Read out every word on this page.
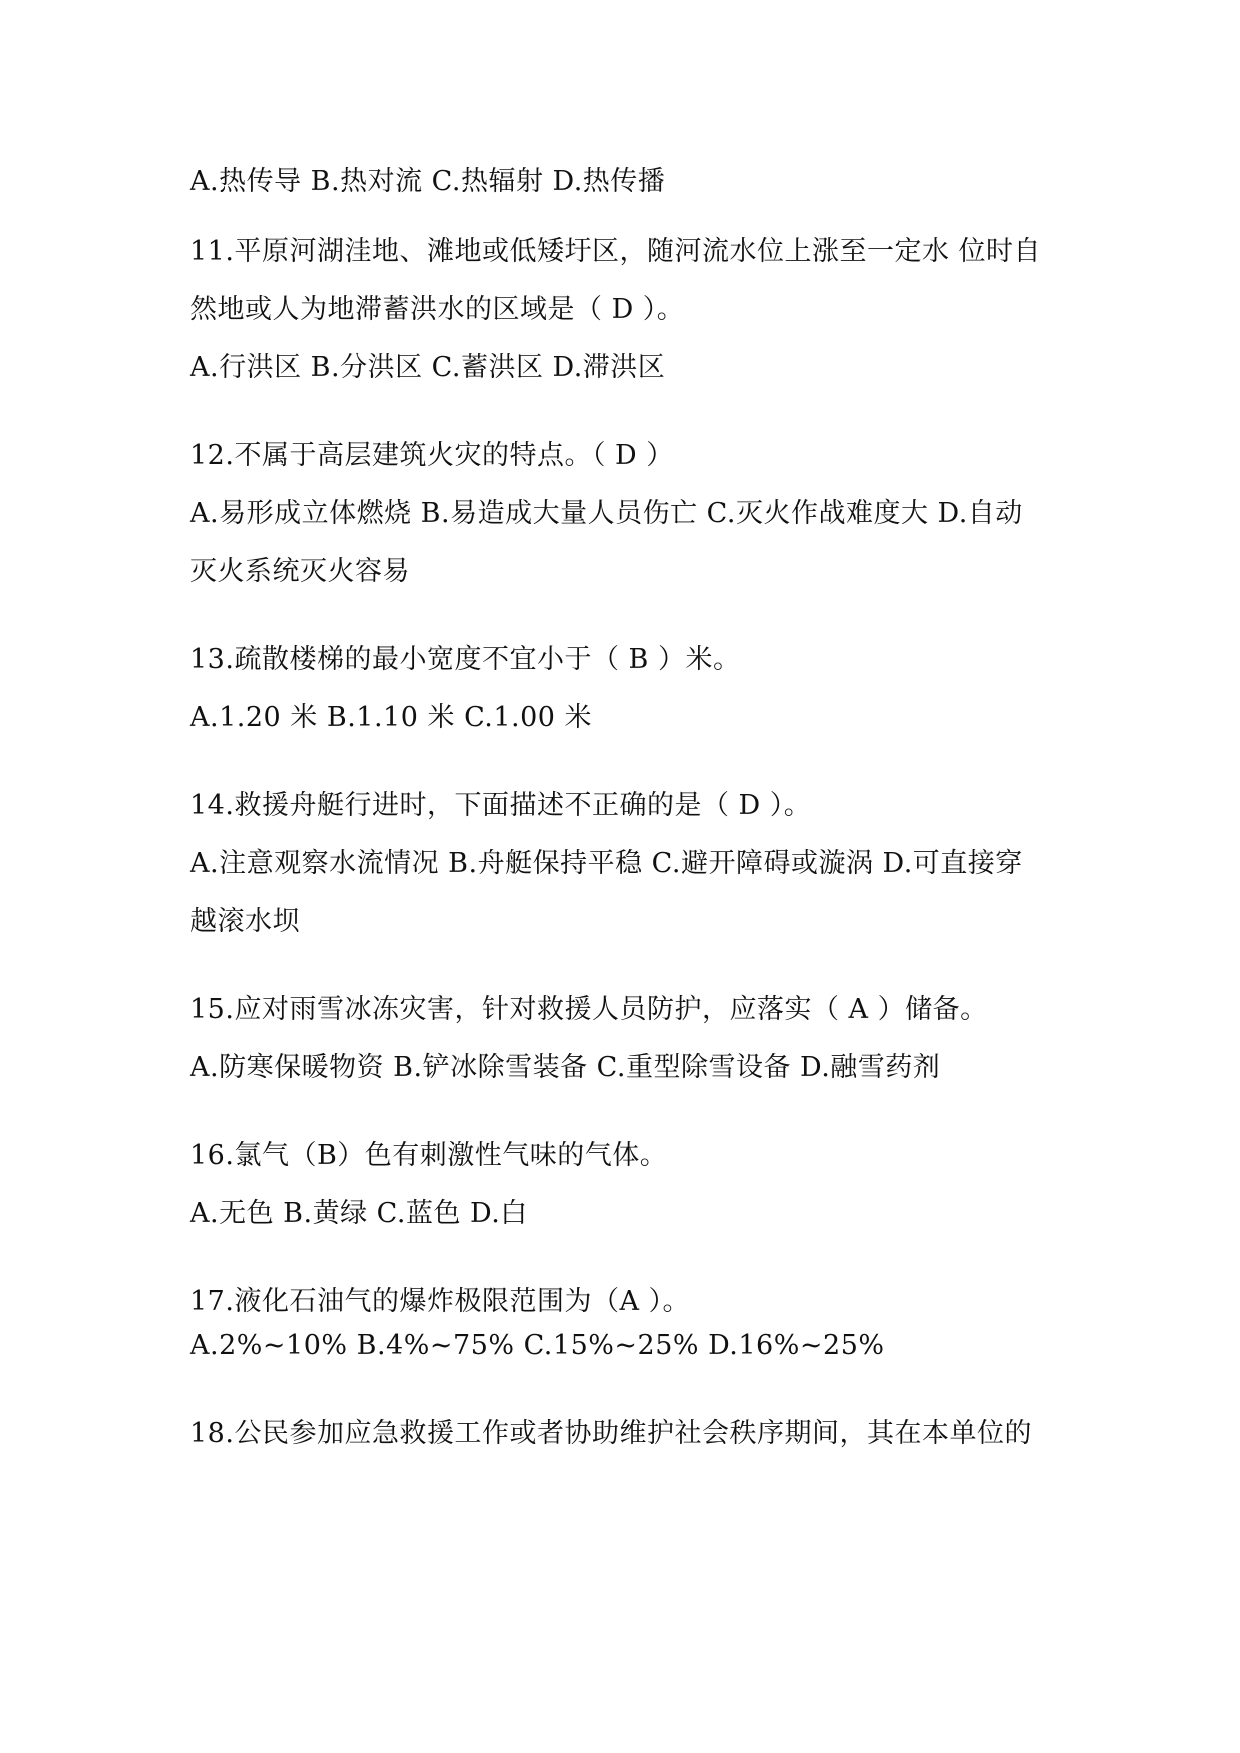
A.热传导 B.热对流 C.热辐射 D.热传播
11.平原河湖洼地、滩地或低矮圩区，随河流水位上涨至一定水 位时自
然地或人为地滞蓄洪水的区域是（ D ）。
A.行洪区 B.分洪区 C.蓄洪区 D.滞洪区
12.不属于高层建筑火灾的特点。（ D ）
A.易形成立体燃烧 B.易造成大量人员伤亡 C.灭火作战难度大 D.自动
灭火系统灭火容易
13.疏散楼梯的最小宽度不宜小于（ B ）米。
A.1.20 米 B.1.10 米 C.1.00 米
14.救援舟艇行进时，下面描述不正确的是（ D ）。
A.注意观察水流情况 B.舟艇保持平稳 C.避开障碍或漩涡 D.可直接穿
越滚水坝
15.应对雨雪冰冻灾害，针对救援人员防护，应落实（ A ）储备。
A.防寒保暖物资 B.铲冰除雪装备 C.重型除雪设备 D.融雪药剂
16.氯气（B）色有刺激性气味的气体。
A.无色 B.黄绿 C.蓝色 D.白
17.液化石油气的爆炸极限范围为（A ）。
A.2%~10% B.4%~75% C.15%~25% D.16%~25%
18.公民参加应急救援工作或者协助维护社会秩序期间，其在本单位的
